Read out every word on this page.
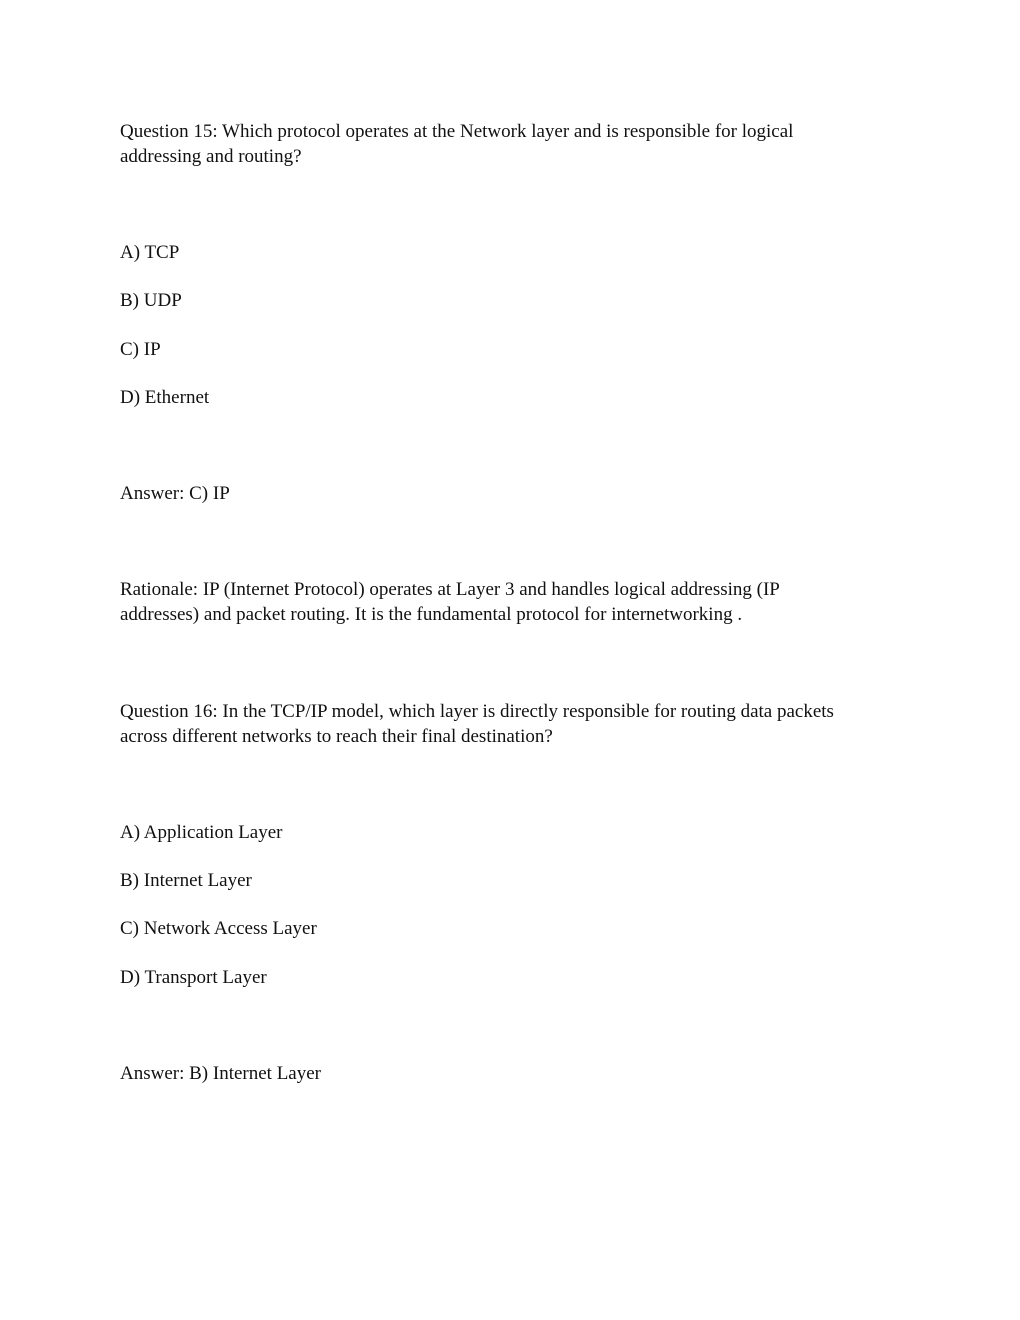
Question 15: Which protocol operates at the Network layer and is responsible for logical

addressing and routing?

A) TCP

B) UDP

C) IP

D) Ethernet

Answer: C) IP

Rationale: IP (Internet Protocol) operates at Layer 3 and handles logical addressing (IP

addresses) and packet routing. It is the fundamental protocol for internetworking .

Question 16: In the TCP/IP model, which layer is directly responsible for routing data packets

across different networks to reach their final destination?

A) Application Layer

B) Internet Layer

C) Network Access Layer

D) Transport Layer

Answer: B) Internet Layer
